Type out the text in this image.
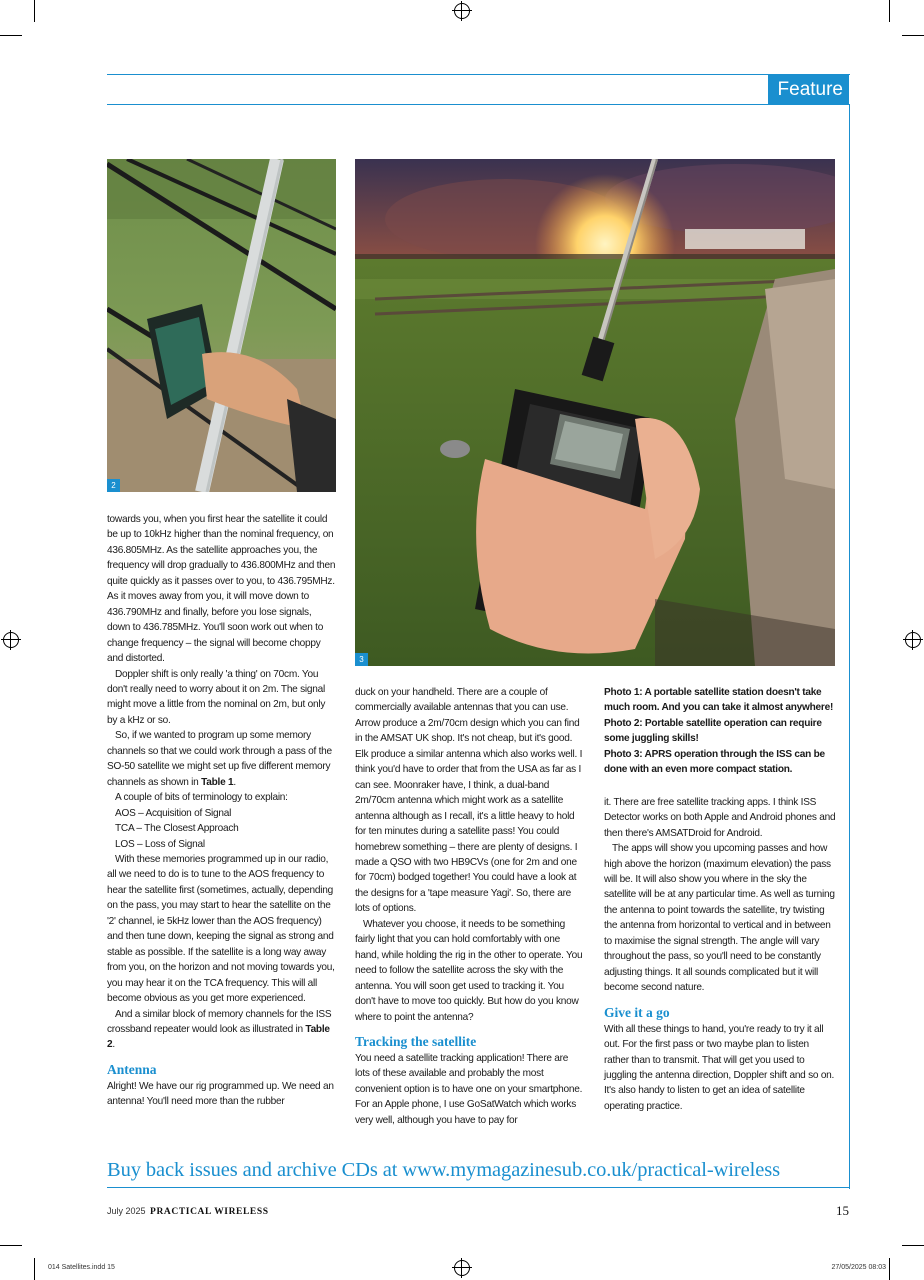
Feature
2
3

towards you, when you first hear the satellite it could be up to 10kHz higher than the nominal frequency, on 436.805MHz. As the satellite approaches you, the frequency will drop gradually to 436.800MHz and then quite quickly as it passes over to you, to 436.795MHz. As it moves away from you, it will move down to 436.790MHz and finally, before you lose signals, down to 436.785MHz. You'll soon work out when to change frequency – the signal will become choppy and distorted.

Doppler shift is only really 'a thing' on 70cm. You don't really need to worry about it on 2m. The signal might move a little from the nominal on 2m, but only by a kHz or so.

So, if we wanted to program up some memory channels so that we could work through a pass of the SO-50 satellite we might set up five different memory channels as shown in Table 1.

A couple of bits of terminology to explain:

AOS – Acquisition of Signal

TCA – The Closest Approach

LOS – Loss of Signal

With these memories programmed up in our radio, all we need to do is to tune to the AOS frequency to hear the satellite first (sometimes, actually, depending on the pass, you may start to hear the satellite on the '2' channel, ie 5kHz lower than the AOS frequency) and then tune down, keeping the signal as strong and stable as possible. If the satellite is a long way away from you, on the horizon and not moving towards you, you may hear it on the TCA frequency. This will all become obvious as you get more experienced.

And a similar block of memory channels for the ISS crossband repeater would look as illustrated in Table 2.

Antenna

Alright! We have our rig programmed up. We need an antenna! You'll need more than the rubber

duck on your handheld. There are a couple of commercially available antennas that you can use. Arrow produce a 2m/70cm design which you can find in the AMSAT UK shop. It's not cheap, but it's good. Elk produce a similar antenna which also works well. I think you'd have to order that from the USA as far as I can see. Moonraker have, I think, a dual-band 2m/70cm antenna which might work as a satellite antenna although as I recall, it's a little heavy to hold for ten minutes during a satellite pass! You could homebrew something – there are plenty of designs. I made a QSO with two HB9CVs (one for 2m and one for 70cm) bodged together! You could have a look at the designs for a 'tape measure Yagi'. So, there are lots of options.

Whatever you choose, it needs to be something fairly light that you can hold comfortably with one hand, while holding the rig in the other to operate. You need to follow the satellite across the sky with the antenna. You will soon get used to tracking it. You don't have to move too quickly. But how do you know where to point the antenna?

Tracking the satellite

You need a satellite tracking application! There are lots of these available and probably the most convenient option is to have one on your smartphone. For an Apple phone, I use GoSatWatch which works very well, although you have to pay for

Photo 1: A portable satellite station doesn't take much room. And you can take it almost anywhere!

Photo 2: Portable satellite operation can require some juggling skills!

Photo 3: APRS operation through the ISS can be done with an even more compact station.

it. There are free satellite tracking apps. I think ISS Detector works on both Apple and Android phones and then there's AMSATDroid for Android.

The apps will show you upcoming passes and how high above the horizon (maximum elevation) the pass will be. It will also show you where in the sky the satellite will be at any particular time. As well as turning the antenna to point towards the satellite, try twisting the antenna from horizontal to vertical and in between to maximise the signal strength. The angle will vary throughout the pass, so you'll need to be constantly adjusting things. It all sounds complicated but it will become second nature.

Give it a go

With all these things to hand, you're ready to try it all out. For the first pass or two maybe plan to listen rather than to transmit. That will get you used to juggling the antenna direction, Doppler shift and so on. It's also handy to listen to get an idea of satellite operating practice.

Buy back issues and archive CDs at www.mymagazinesub.co.uk/practical-wireless
July 2025 PRACTICAL WIRELESS	15
014 Satellites.indd 15	27/05/2025 08:03
